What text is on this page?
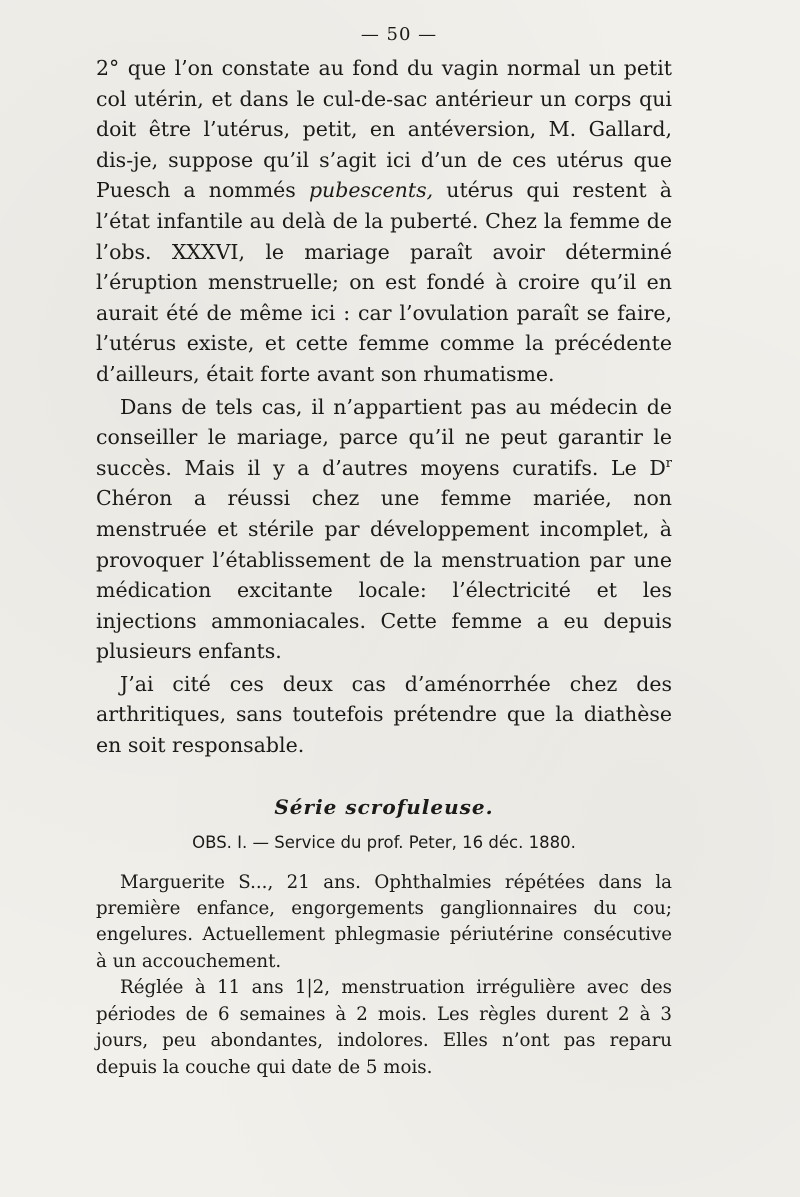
— 50 —

2° que l’on constate au fond du vagin normal un petit col utérin, et dans le cul-de-sac antérieur un corps qui doit être l’utérus, petit, en antéversion, M. Gallard, dis-je, suppose qu’il s’agit ici d’un de ces utérus que Puesch a nommés pubescents, utérus qui restent à l’état infantile au delà de la puberté. Chez la femme de l’obs. XXXVI, le mariage paraît avoir déterminé l’éruption menstruelle; on est fondé à croire qu’il en aurait été de même ici : car l’ovulation paraît se faire, l’utérus existe, et cette femme comme la précédente d’ailleurs, était forte avant son rhumatisme.

Dans de tels cas, il n’appartient pas au médecin de conseiller le mariage, parce qu’il ne peut garantir le succès. Mais il y a d’autres moyens curatifs. Le $D^r$ Chéron a réussi chez une femme mariée, non menstruée et stérile par développement incomplet, à provoquer l’établissement de la menstruation par une médication excitante locale: l’électricité et les injections ammoniacales. Cette femme a eu depuis plusieurs enfants.

J’ai cité ces deux cas d’aménorrhée chez des arthritiques, sans toutefois prétendre que la diathèse en soit responsable.

Série scrofuleuse.
OBS. I. — Service du prof. Peter, 16 déc. 1880.

Marguerite S..., 21 ans. Ophthalmies répétées dans la première enfance, engorgements ganglionnaires du cou; engelures. Actuellement phlegmasie périutérine consécutive à un accouchement.

Réglée à 11 ans 1|2, menstruation irrégulière avec des périodes de 6 semaines à 2 mois. Les règles durent 2 à 3 jours, peu abondantes, indolores. Elles n’ont pas reparu depuis la couche qui date de 5 mois.
